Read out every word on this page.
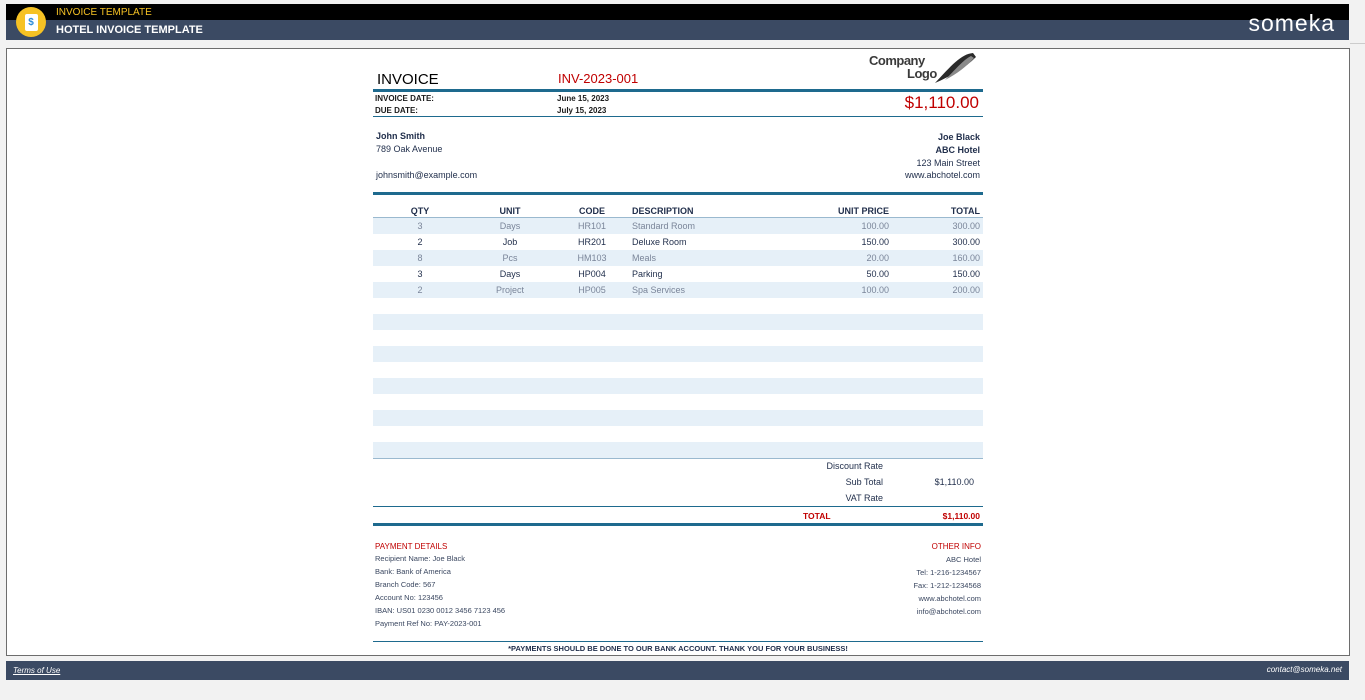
$
INVOICE TEMPLATE
HOTEL INVOICE TEMPLATE	someka
INVOICE	INV-2023-001
Company
Logo
INVOICE DATE:	June 15, 2023
DUE DATE:	July 15, 2023	$1,110.00
John Smith
789 Oak Avenue
johnsmith@example.com
Joe Black
ABC Hotel
123 Main Street
www.abchotel.com
QTY	UNIT	CODE	DESCRIPTION	UNIT PRICE	TOTAL
3	Days	HR101	Standard Room	100.00	300.00
2	Job	HR201	Deluxe Room	150.00	300.00
8	Pcs	HM103	Meals	20.00	160.00
3	Days	HP004	Parking	50.00	150.00
2	Project	HP005	Spa Services	100.00	200.00
Discount Rate
Sub Total	$1,110.00
VAT Rate
TOTAL	$1,110.00
PAYMENT DETAILS
Recipient Name: Joe Black
Bank: Bank of America
Branch Code: 567
Account No: 123456
IBAN: US01 0230 0012 3456 7123 456
Payment Ref No: PAY-2023-001
OTHER INFO
ABC Hotel
Tel: 1-216-1234567
Fax: 1-212-1234568
www.abchotel.com
info@abchotel.com
*PAYMENTS SHOULD BE DONE TO OUR BANK ACCOUNT. THANK YOU FOR YOUR BUSINESS!
Terms of Use	contact@someka.net
